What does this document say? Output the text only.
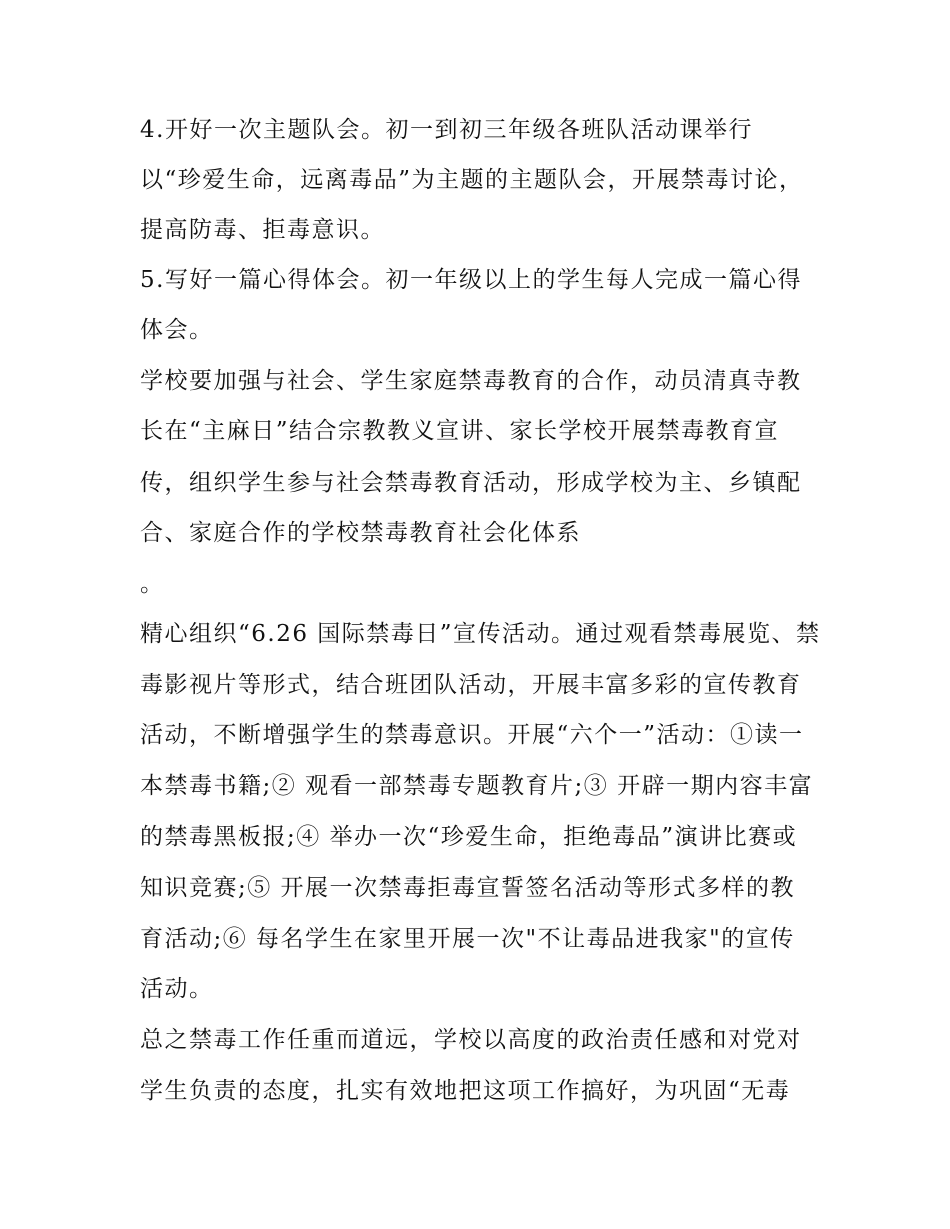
4.开好一次主题队会。初一到初三年级各班队活动课举行
以“珍爱生命，远离毒品”为主题的主题队会，开展禁毒讨论，
提高防毒、拒毒意识。
5.写好一篇心得体会。初一年级以上的学生每人完成一篇心得
体会。
学校要加强与社会、学生家庭禁毒教育的合作，动员清真寺教
长在“主麻日”结合宗教教义宣讲、家长学校开展禁毒教育宣
传，组织学生参与社会禁毒教育活动，形成学校为主、乡镇配
合、家庭合作的学校禁毒教育社会化体系
。
精心组织“6.26 国际禁毒日”宣传活动。通过观看禁毒展览、禁
毒影视片等形式，结合班团队活动，开展丰富多彩的宣传教育
活动，不断增强学生的禁毒意识。开展“六个一”活动：①读一
本禁毒书籍;② 观看一部禁毒专题教育片;③ 开辟一期内容丰富
的禁毒黑板报;④ 举办一次“珍爱生命，拒绝毒品”演讲比赛或
知识竞赛;⑤ 开展一次禁毒拒毒宣誓签名活动等形式多样的教
育活动;⑥ 每名学生在家里开展一次"不让毒品进我家"的宣传
活动。
总之禁毒工作任重而道远，学校以高度的政治责任感和对党对
学生负责的态度，扎实有效地把这项工作搞好，为巩固“无毒
